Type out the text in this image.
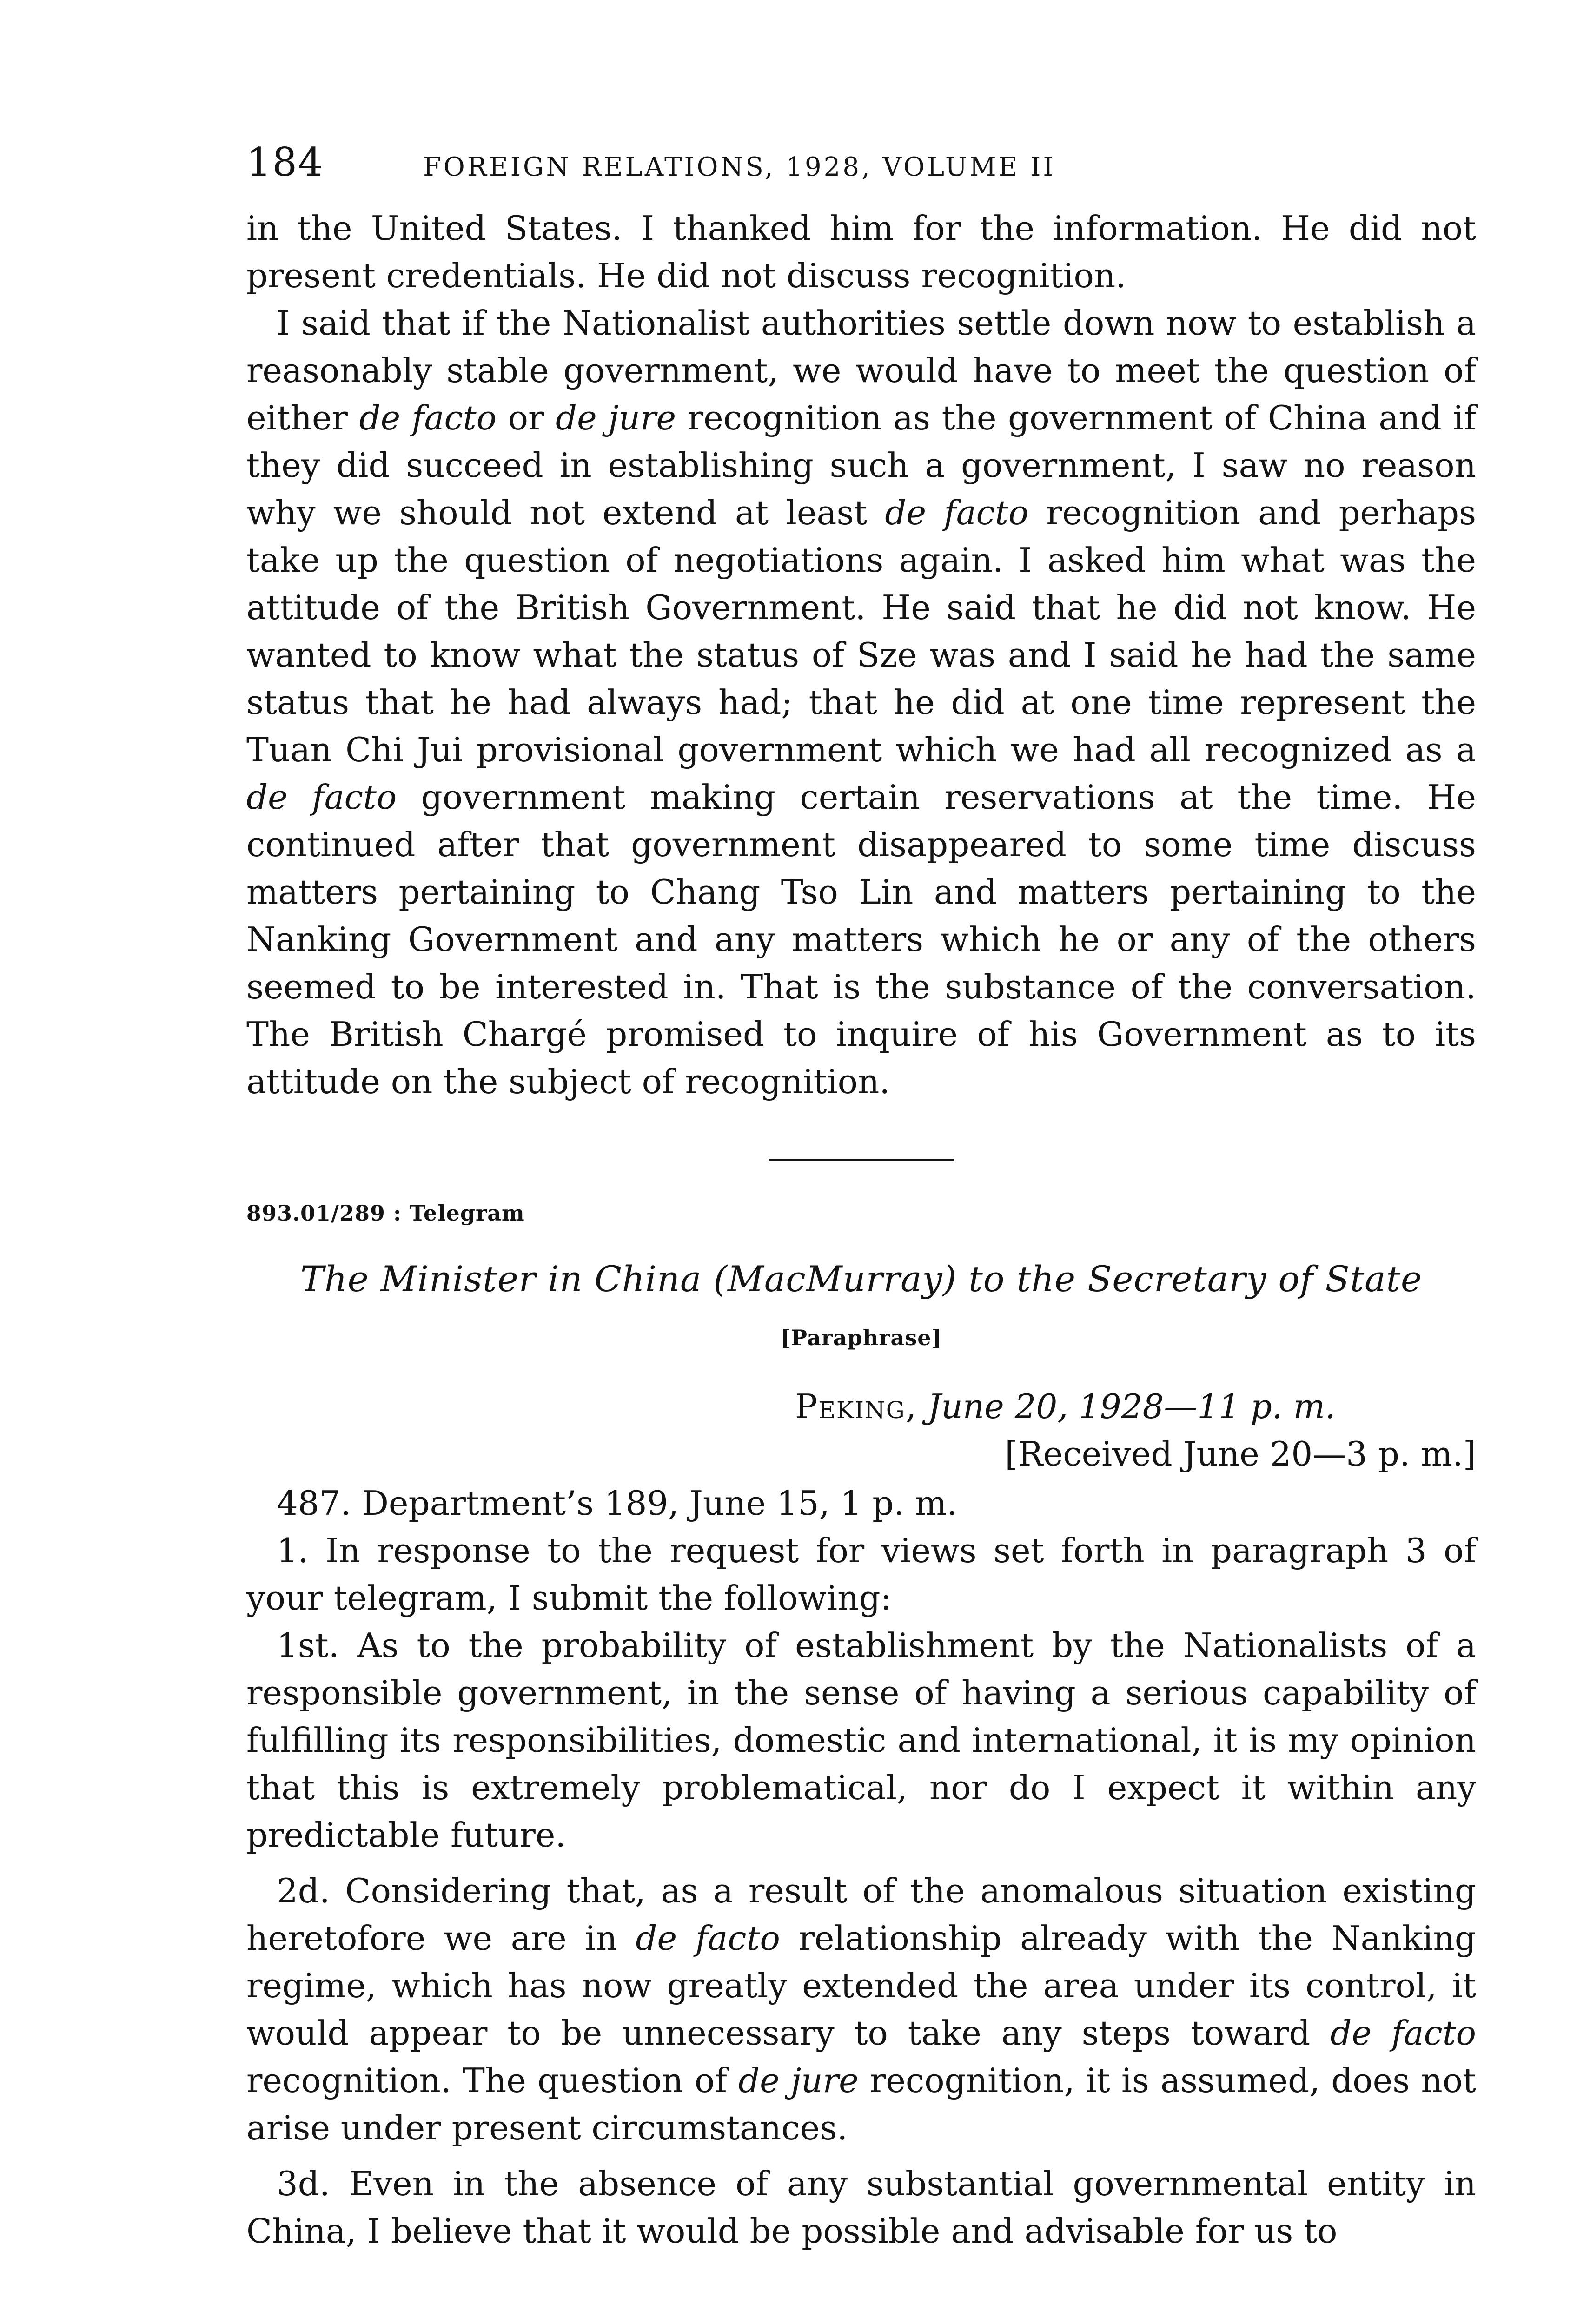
184	FOREIGN RELATIONS, 1928, VOLUME II

in the United States. I thanked him for the information. He did not present credentials. He did not discuss recognition.

I said that if the Nationalist authorities settle down now to establish a reasonably stable government, we would have to meet the question of either de facto or de jure recognition as the government of China and if they did succeed in establishing such a government, I saw no reason why we should not extend at least de facto recognition and perhaps take up the question of negotiations again. I asked him what was the attitude of the British Government. He said that he did not know. He wanted to know what the status of Sze was and I said he had the same status that he had always had; that he did at one time represent the Tuan Chi Jui provisional government which we had all recognized as a de facto government making certain reservations at the time. He continued after that government disappeared to some time discuss matters pertaining to Chang Tso Lin and matters pertaining to the Nanking Government and any matters which he or any of the others seemed to be interested in. That is the substance of the conversation. The British Chargé promised to inquire of his Government as to its attitude on the subject of recognition.

893.01/289 : Telegram
The Minister in China (MacMurray) to the Secretary of State
[Paraphrase]
Peking, June 20, 1928—11 p. m.
[Received June 20—3 p. m.]

487. Department’s 189, June 15, 1 p. m.

1. In response to the request for views set forth in paragraph 3 of your telegram, I submit the following:

1st. As to the probability of establishment by the Nationalists of a responsible government, in the sense of having a serious capability of fulfilling its responsibilities, domestic and international, it is my opinion that this is extremely problematical, nor do I expect it within any predictable future.

2d. Considering that, as a result of the anomalous situation existing heretofore we are in de facto relationship already with the Nanking regime, which has now greatly extended the area under its control, it would appear to be unnecessary to take any steps toward de facto recognition. The question of de jure recognition, it is assumed, does not arise under present circumstances.

3d. Even in the absence of any substantial governmental entity in China, I believe that it would be possible and advisable for us to
